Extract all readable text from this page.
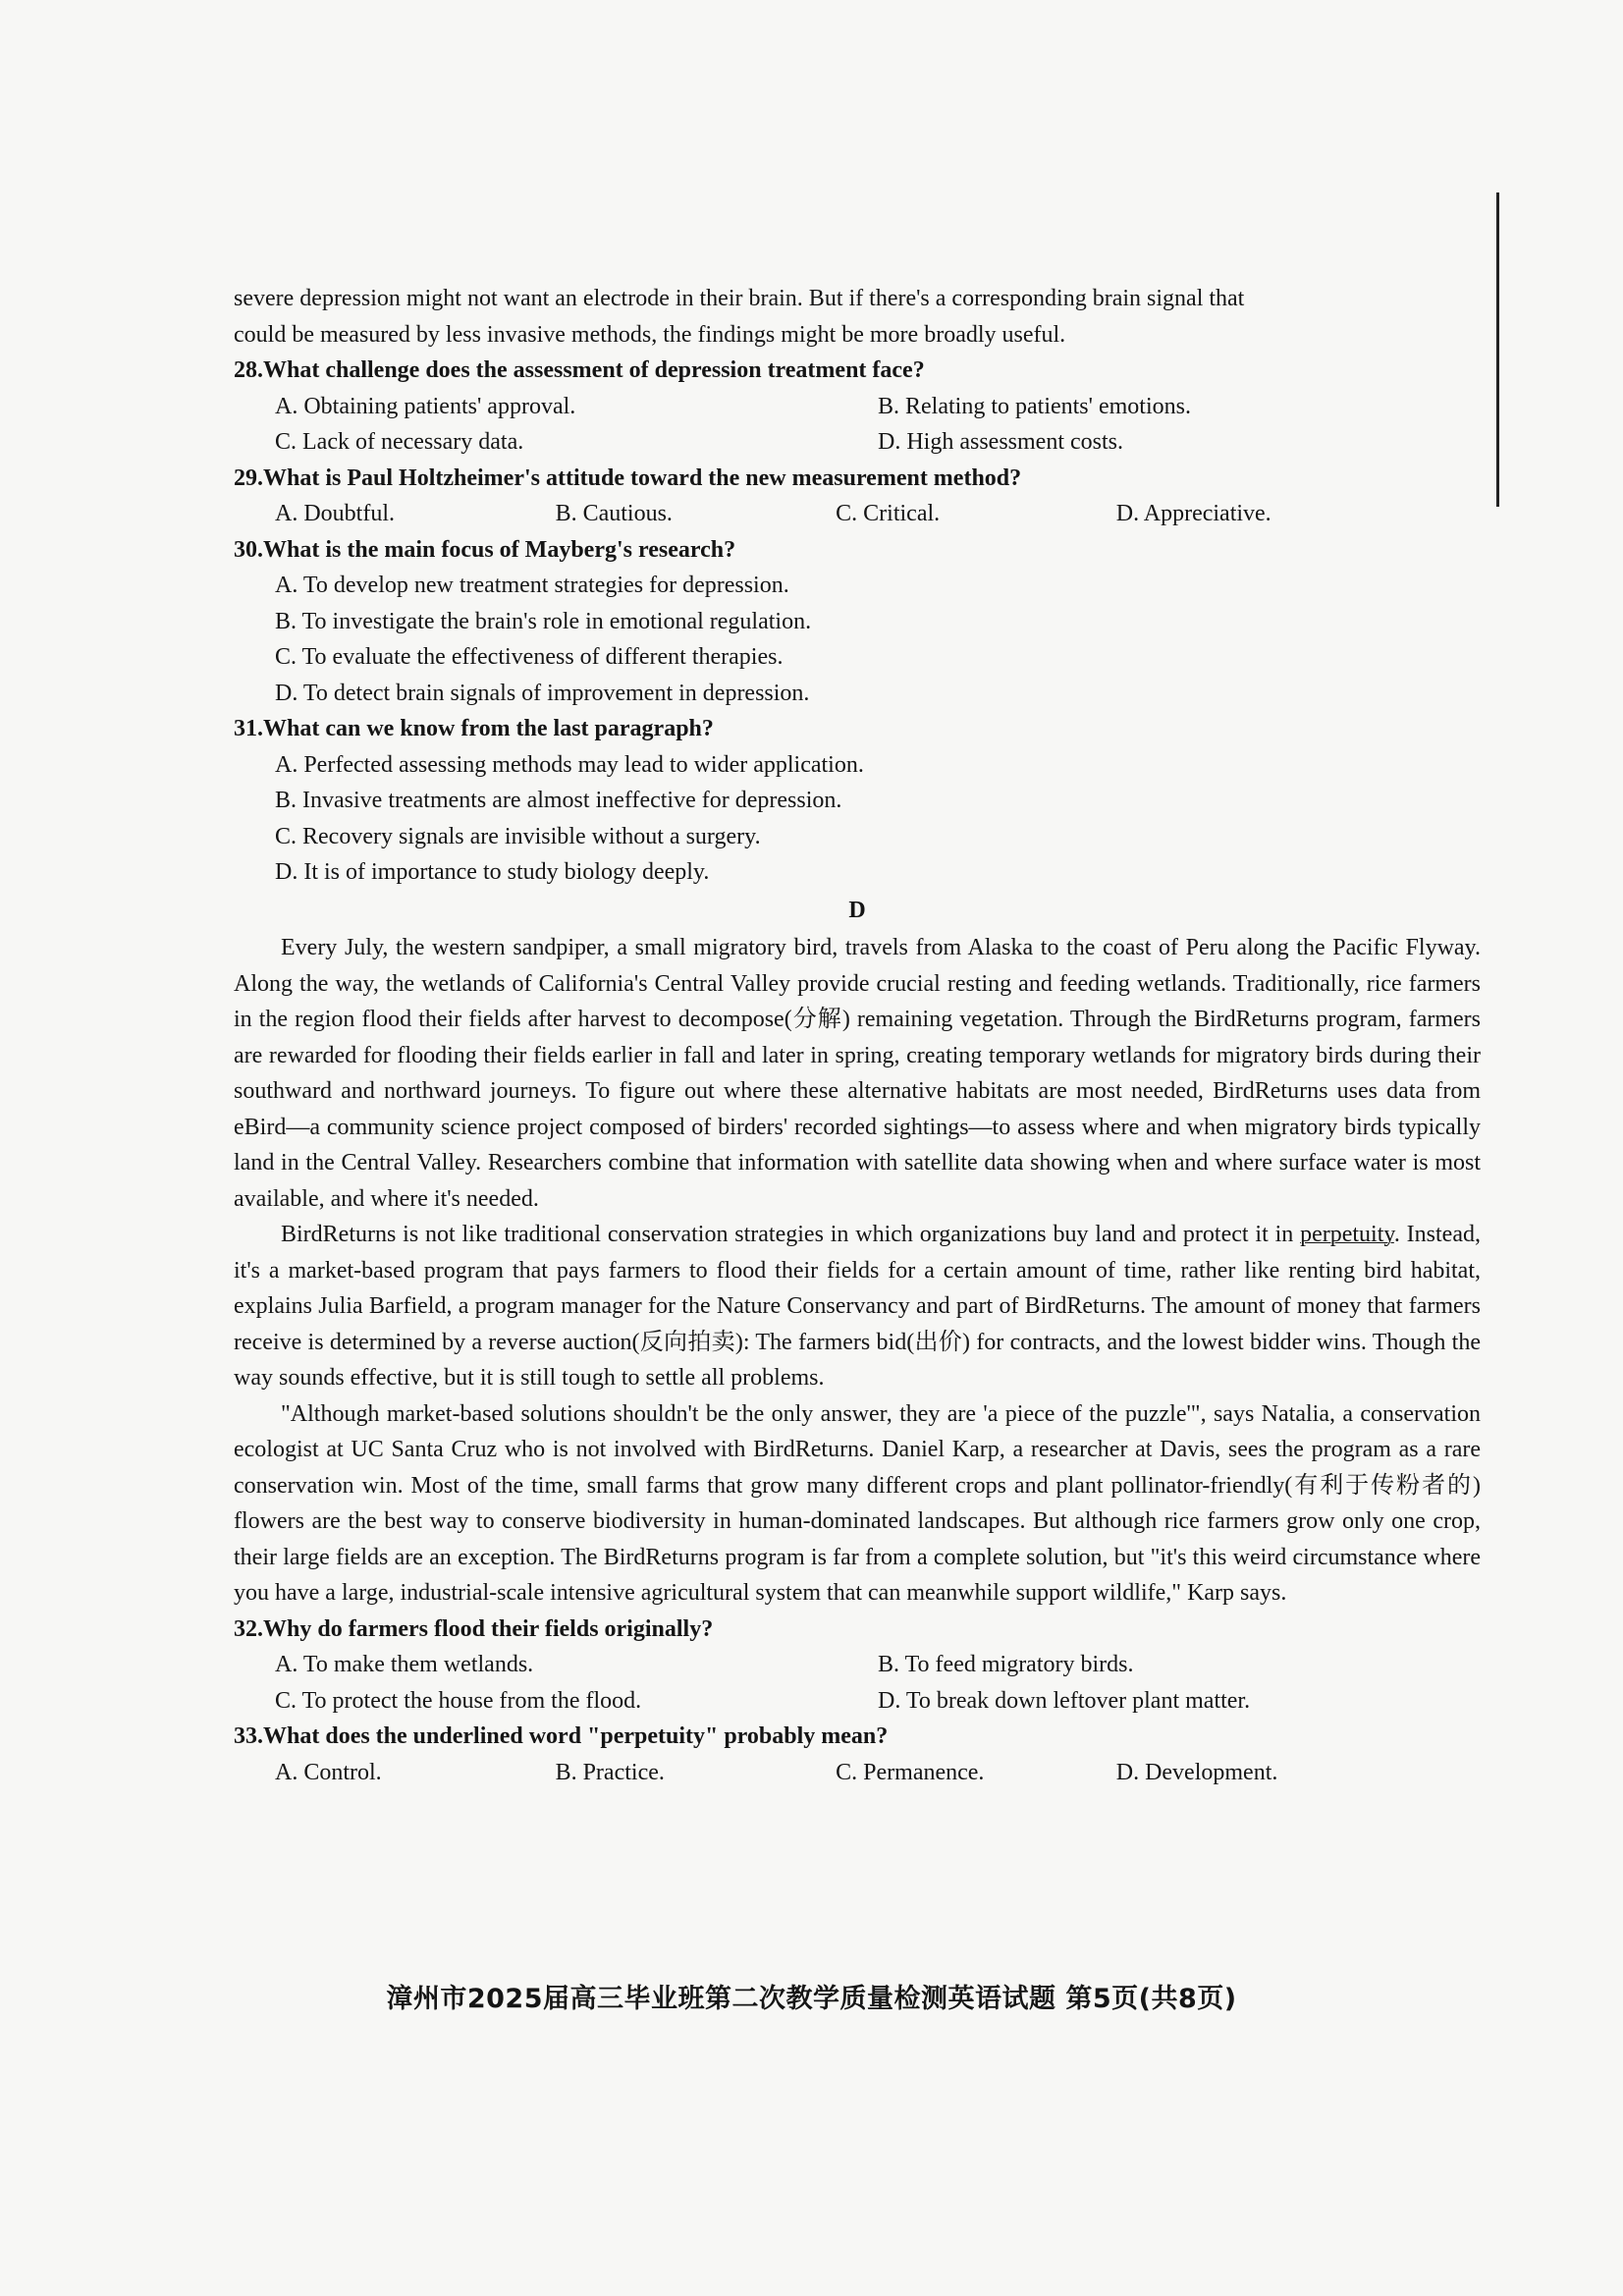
severe depression might not want an electrode in their brain. But if there's a corresponding brain signal that

could be measured by less invasive methods, the findings might be more broadly useful.

28.What challenge does the assessment of depression treatment face?

A. Obtaining patients' approval.	B. Relating to patients' emotions.
C. Lack of necessary data.	D. High assessment costs.

29.What is Paul Holtzheimer's attitude toward the new measurement method?

A. Doubtful.	B. Cautious.	C. Critical.	D. Appreciative.

30.What is the main focus of Mayberg's research?

A. To develop new treatment strategies for depression.
B. To investigate the brain's role in emotional regulation.
C. To evaluate the effectiveness of different therapies.
D. To detect brain signals of improvement in depression.

31.What can we know from the last paragraph?

A. Perfected assessing methods may lead to wider application.
B. Invasive treatments are almost ineffective for depression.
C. Recovery signals are invisible without a surgery.
D. It is of importance to study biology deeply.
D

Every July, the western sandpiper, a small migratory bird, travels from Alaska to the coast of Peru along the Pacific Flyway. Along the way, the wetlands of California's Central Valley provide crucial resting and feeding wetlands. Traditionally, rice farmers in the region flood their fields after harvest to decompose(分解) remaining vegetation. Through the BirdReturns program, farmers are rewarded for flooding their fields earlier in fall and later in spring, creating temporary wetlands for migratory birds during their southward and northward journeys. To figure out where these alternative habitats are most needed, BirdReturns uses data from eBird—a community science project composed of birders' recorded sightings—to assess where and when migratory birds typically land in the Central Valley. Researchers combine that information with satellite data showing when and where surface water is most available, and where it's needed.

BirdReturns is not like traditional conservation strategies in which organizations buy land and protect it in perpetuity. Instead, it's a market-based program that pays farmers to flood their fields for a certain amount of time, rather like renting bird habitat, explains Julia Barfield, a program manager for the Nature Conservancy and part of BirdReturns. The amount of money that farmers receive is determined by a reverse auction(反向拍卖): The farmers bid(出价) for contracts, and the lowest bidder wins. Though the way sounds effective, but it is still tough to settle all problems.

"Although market-based solutions shouldn't be the only answer, they are 'a piece of the puzzle'", says Natalia, a conservation ecologist at UC Santa Cruz who is not involved with BirdReturns. Daniel Karp, a researcher at Davis, sees the program as a rare conservation win. Most of the time, small farms that grow many different crops and plant pollinator-friendly(有利于传粉者的) flowers are the best way to conserve biodiversity in human-dominated landscapes. But although rice farmers grow only one crop, their large fields are an exception. The BirdReturns program is far from a complete solution, but "it's this weird circumstance where you have a large, industrial-scale intensive agricultural system that can meanwhile support wildlife," Karp says.

32.Why do farmers flood their fields originally?

A. To make them wetlands.	B. To feed migratory birds.
C. To protect the house from the flood.	D. To break down leftover plant matter.

33.What does the underlined word "perpetuity" probably mean?

A. Control.	B. Practice.	C. Permanence.	D. Development.
漳州市2025届高三毕业班第二次教学质量检测英语试题 第5页(共8页)
